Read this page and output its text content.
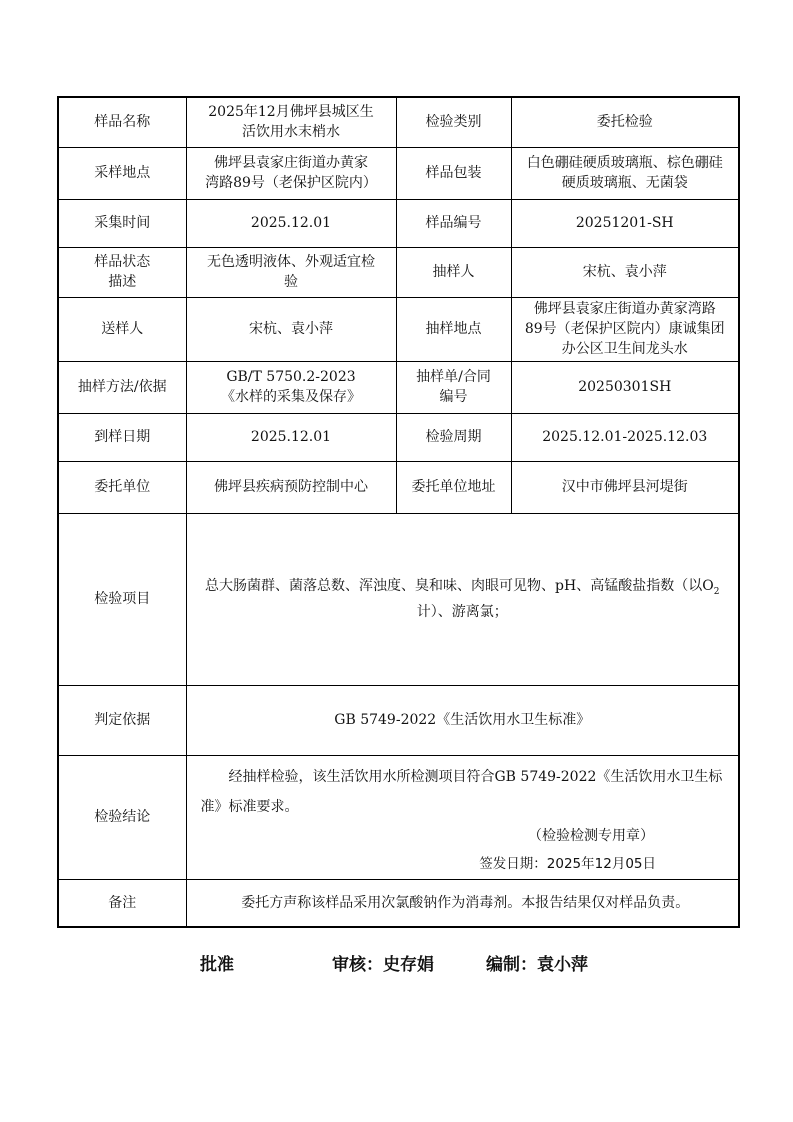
样品名称	2025年12月佛坪县城区生
活饮用水末梢水	检验类别	委托检验

采样地点	佛坪县袁家庄街道办黄家
湾路89号（老保护区院内）	样品包装	白色硼硅硬质玻璃瓶、棕色硼硅
硬质玻璃瓶、无菌袋

采集时间	2025.12.01	样品编号	20251201-SH

样品状态
描述	无色透明液体、外观适宜检
验	抽样人	宋杭、袁小萍

送样人	宋杭、袁小萍	抽样地点	佛坪县袁家庄街道办黄家湾路
89号（老保护区院内）康诚集团
办公区卫生间龙头水

抽样方法/依据	GB/T 5750.2-2023
《水样的采集及保存》	抽样单/合同
编号	20250301SH

到样日期	2025.12.01	检验周期	2025.12.01-2025.12.03

委托单位	佛坪县疾病预防控制中心	委托单位地址	汉中市佛坪县河堤街

检验项目	总大肠菌群、菌落总数、浑浊度、臭和味、肉眼可见物、pH、高锰酸盐指数（以$O_2$计）、游离氯；		
判定依据	GB 5749-2022《生活饮用水卫生标准》		
检验结论	经抽样检验，该生活饮用水所检测项目符合GB 5749-2022《生活饮用水卫生标准》标准要求。
（检验检测专用章）
签发日期：2025年12月05日		

备注	委托方声称该样品采用次氯酸钠作为消毒剂。本报告结果仅对样品负责。		
批准	审核：史存娟	编制：袁小萍
